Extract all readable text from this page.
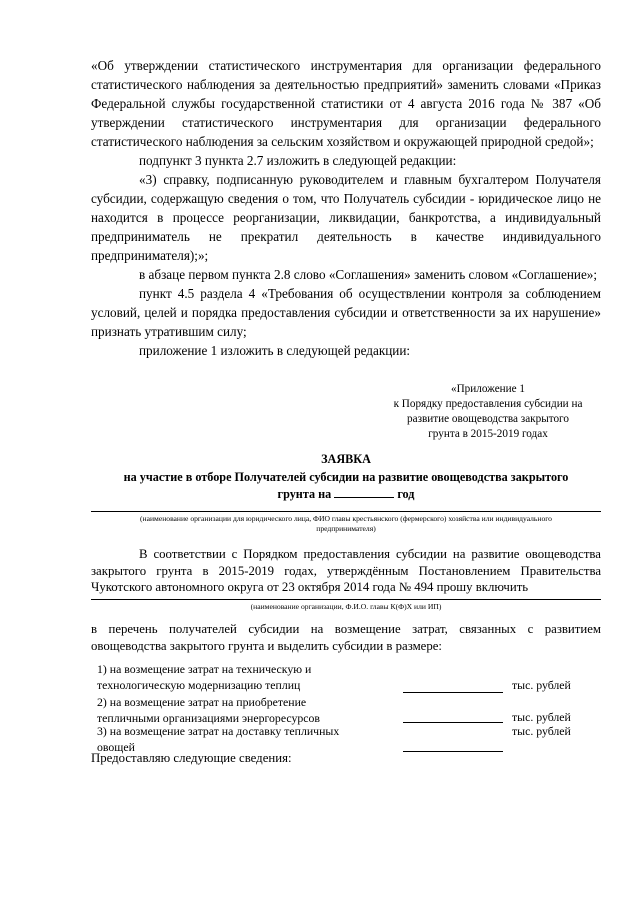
«Об утверждении статистического инструментария для организации федерального статистического наблюдения за деятельностью предприятий» заменить словами «Приказ Федеральной службы государственной статистики от 4 августа 2016 года № 387 «Об утверждении статистического инструментария для организации федерального статистического наблюдения за сельским хозяйством и окружающей природной средой»;

подпункт 3 пункта 2.7 изложить в следующей редакции:

«3) справку, подписанную руководителем и главным бухгалтером Получателя субсидии, содержащую сведения о том, что Получатель субсидии - юридическое лицо не находится в процессе реорганизации, ликвидации, банкротства, а индивидуальный предприниматель не прекратил деятельность в качестве индивидуального предпринимателя);»;

в абзаце первом пункта 2.8 слово «Соглашения» заменить словом «Соглашение»;

пункт 4.5 раздела 4 «Требования об осуществлении контроля за соблюдением условий, целей и порядка предоставления субсидии и ответственности за их нарушение» признать утратившим силу;

приложение 1 изложить в следующей редакции:

«Приложение 1
к Порядку предоставления субсидии на
развитие овощеводства закрытого
грунта в 2015-2019 годах
ЗАЯВКА
на участие в отборе Получателей субсидии на развитие овощеводства закрытого
грунта на	год
(наименование организации для юридического лица, ФИО главы крестьянского (фермерского) хозяйства или индивидуального
предпринимателя)

В соответствии с Порядком предоставления субсидии на развитие овощеводства закрытого грунта в 2015-2019 годах, утверждённым Постановлением Правительства Чукотского автономного округа от 23 октября 2014 года № 494 прошу включить

(наименование организации, Ф.И.О. главы К(Ф)Х или ИП)
в перечень получателей субсидии на возмещение затрат, связанных с развитием овощеводства закрытого грунта и выделить субсидии в размере:
1) на возмещение затрат на техническую и
технологическую модернизацию теплиц	тыс. рублей
2) на возмещение затрат на приобретение
тепличными организациями энергоресурсов	тыс. рублей
3) на возмещение затрат на доставку тепличных
овощей
тыс. рублей
Предоставляю следующие сведения:
